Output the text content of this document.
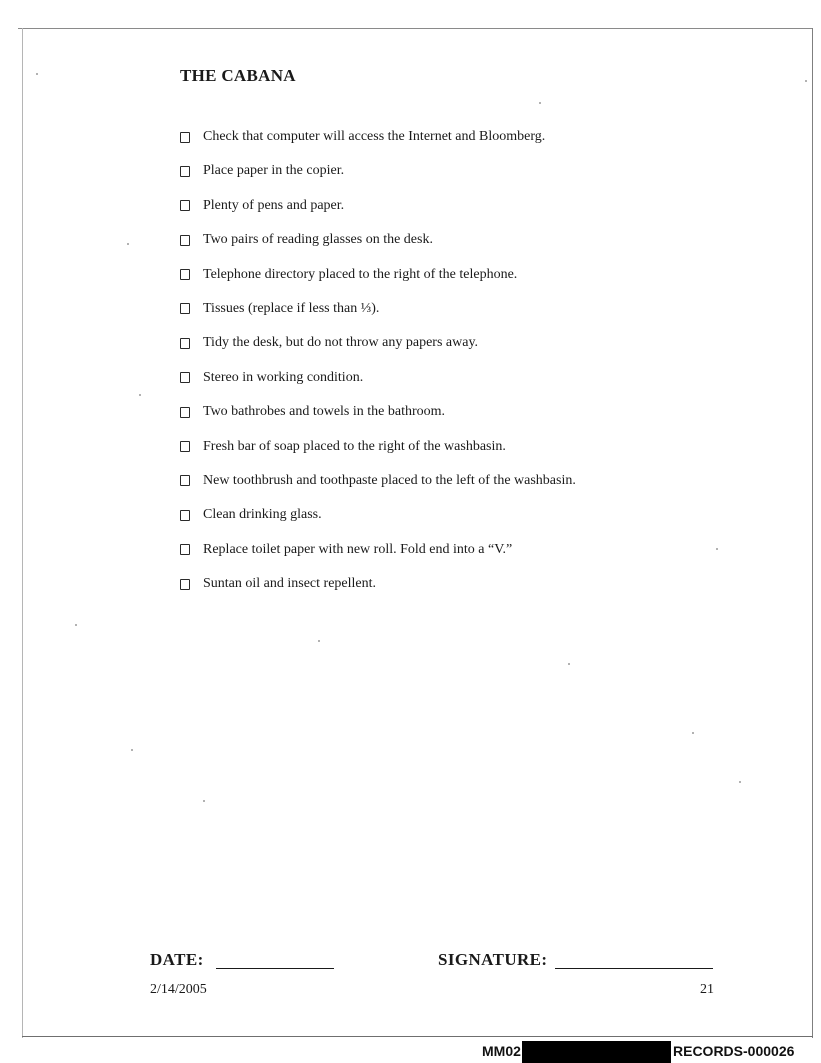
THE CABANA
Check that computer will access the Internet and Bloomberg.
Place paper in the copier.
Plenty of pens and paper.
Two pairs of reading glasses on the desk.
Telephone directory placed to the right of the telephone.
Tissues (replace if less than ⅓).
Tidy the desk, but do not throw any papers away.
Stereo in working condition.
Two bathrobes and towels in the bathroom.
Fresh bar of soap placed to the right of the washbasin.
New toothbrush and toothpaste placed to the left of the washbasin.
Clean drinking glass.
Replace toilet paper with new roll. Fold end into a “V.”
Suntan oil and insect repellent.
DATE:	SIGNATURE:
2/14/2005	21
MM02	RECORDS-000026
